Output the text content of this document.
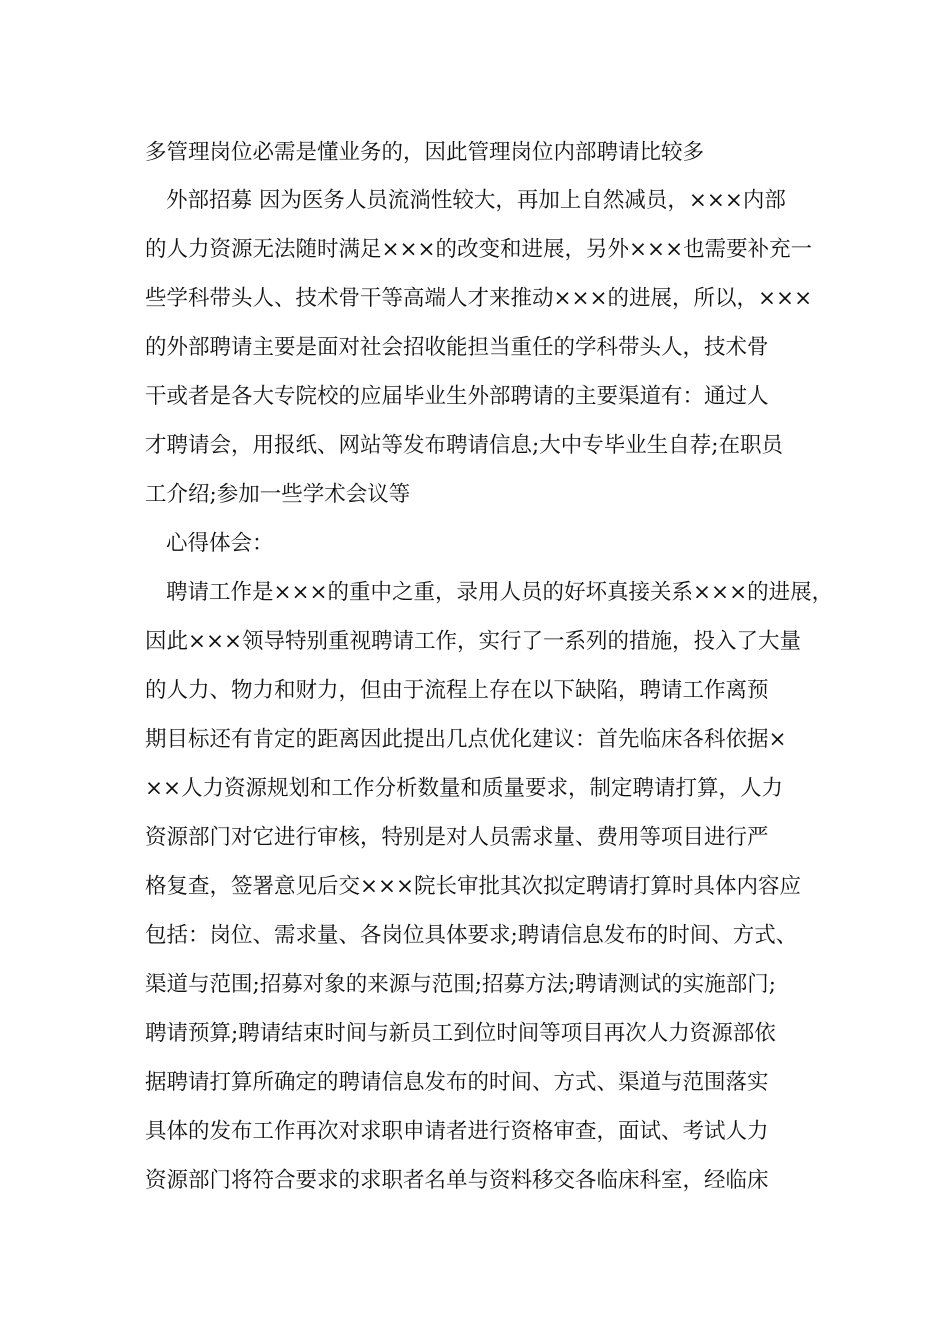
多管理岗位必需是懂业务的，因此管理岗位内部聘请比较多
外部招募 因为医务人员流淌性较大，再加上自然减员，×××内部
的人力资源无法随时满足×××的改变和进展，另外×××也需要补充一
些学科带头人、技术骨干等高端人才来推动×××的进展，所以，×××
的外部聘请主要是面对社会招收能担当重任的学科带头人，技术骨
干或者是各大专院校的应届毕业生外部聘请的主要渠道有：通过人
才聘请会，用报纸、网站等发布聘请信息;大中专毕业生自荐;在职员
工介绍;参加一些学术会议等
心得体会：
聘请工作是×××的重中之重，录用人员的好坏真接关系×××的进展，
因此×××领导特别重视聘请工作，实行了一系列的措施，投入了大量
的人力、物力和财力，但由于流程上存在以下缺陷，聘请工作离预
期目标还有肯定的距离因此提出几点优化建议：首先临床各科依据×
××人力资源规划和工作分析数量和质量要求，制定聘请打算，人力
资源部门对它进行审核，特别是对人员需求量、费用等项目进行严
格复查，签署意见后交×××院长审批其次拟定聘请打算时具体内容应
包括：岗位、需求量、各岗位具体要求;聘请信息发布的时间、方式、
渠道与范围;招募对象的来源与范围;招募方法;聘请测试的实施部门;
聘请预算;聘请结束时间与新员工到位时间等项目再次人力资源部依
据聘请打算所确定的聘请信息发布的时间、方式、渠道与范围落实
具体的发布工作再次对求职申请者进行资格审查，面试、考试人力
资源部门将符合要求的求职者名单与资料移交各临床科室，经临床
